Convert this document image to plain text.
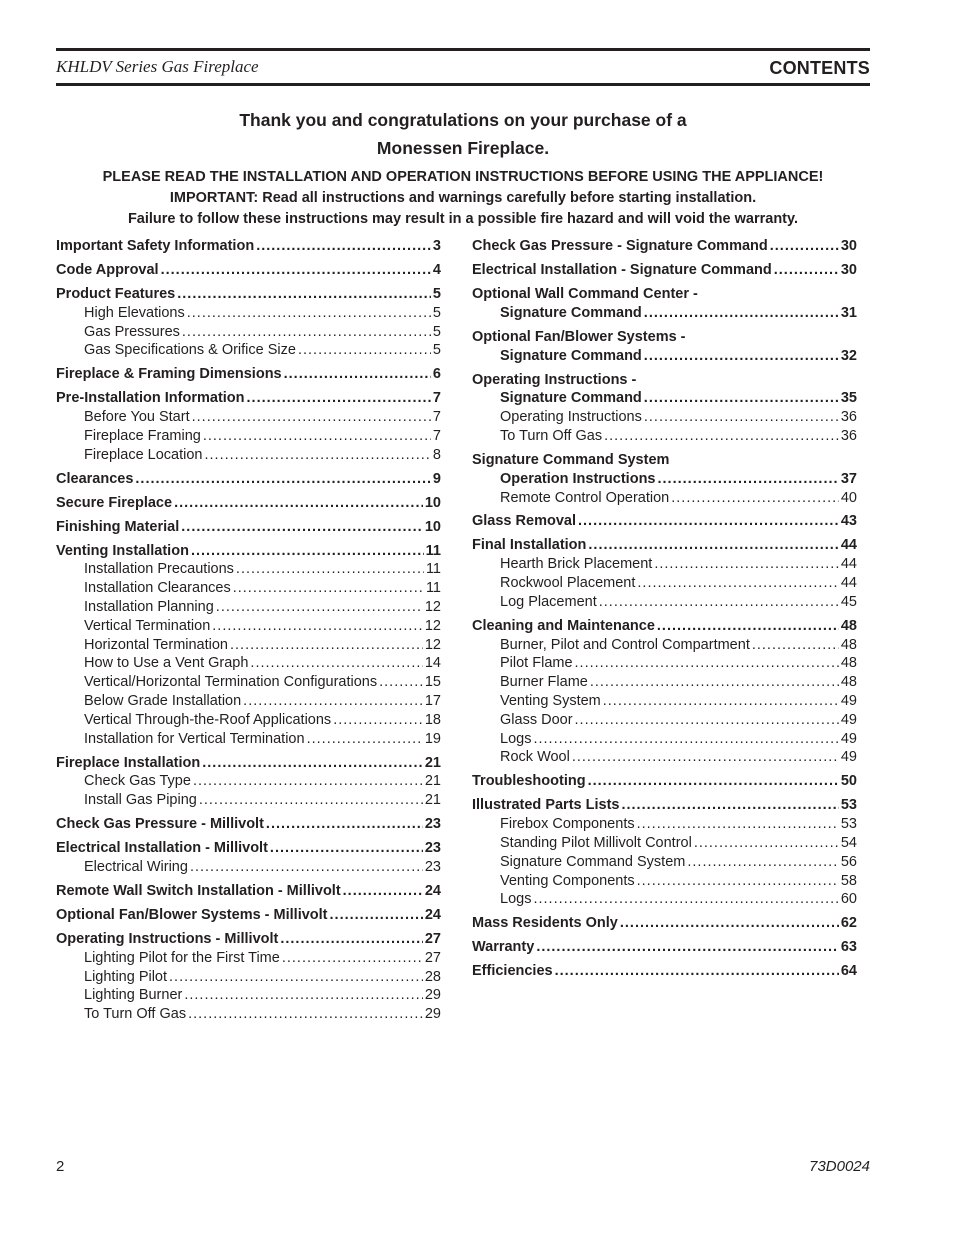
KHLDV Series Gas Fireplace	CONTENTS
Thank you and congratulations on your purchase of a
Monessen Fireplace.
PLEASE READ THE INSTALLATION AND OPERATION INSTRUCTIONS BEFORE USING THE APPLIANCE!
IMPORTANT: Read all instructions and warnings carefully before starting installation.
Failure to follow these instructions may result in a possible fire hazard and will void the warranty.
Important Safety Information .....	3
Code Approval .....	4
Product Features .....	5
High Elevations .....	5
Gas Pressures .....	5
Gas Specifications & Orifice Size .....	5
Fireplace & Framing Dimensions .....	6
Pre-Installation Information .....	7
Before You Start .....	7
Fireplace Framing .....	7
Fireplace Location .....	8
Clearances .....	9
Secure Fireplace .....	10
Finishing Material .....	10
Venting Installation .....	11
Installation Precautions .....	11
Installation Clearances .....	11
Installation Planning .....	12
Vertical Termination .....	12
Horizontal Termination .....	12
How to Use a Vent Graph .....	14
Vertical/Horizontal Termination Configurations .....	15
Below Grade Installation .....	17
Vertical Through-the-Roof Applications .....	18
Installation for Vertical Termination .....	19
Fireplace Installation .....	21
Check Gas Type .....	21
Install Gas Piping .....	21
Check Gas Pressure - Millivolt .....	23
Electrical Installation - Millivolt .....	23
Electrical Wiring .....	23
Remote Wall Switch Installation - Millivolt .....	24
Optional Fan/Blower Systems - Millivolt .....	24
Operating Instructions - Millivolt .....	27
Lighting Pilot for the First Time .....	27
Lighting Pilot .....	28
Lighting Burner .....	29
To Turn Off Gas .....	29
Check Gas Pressure - Signature Command .....	30
Electrical Installation - Signature Command .....	30
Optional Wall Command Center -
Signature Command .....	31
Optional Fan/Blower Systems -
Signature Command .....	32
Operating Instructions -
Signature Command .....	35
Operating Instructions .....	36
To Turn Off Gas .....	36
Signature Command System
Operation Instructions .....	37
Remote Control Operation .....	40
Glass Removal .....	43
Final Installation .....	44
Hearth Brick Placement .....	44
Rockwool Placement .....	44
Log Placement .....	45
Cleaning and Maintenance .....	48
Burner, Pilot and Control Compartment .....	48
Pilot Flame .....	48
Burner Flame .....	48
Venting System .....	49
Glass Door .....	49
Logs .....	49
Rock Wool .....	49
Troubleshooting .....	50
Illustrated Parts Lists .....	53
Firebox Components .....	53
Standing Pilot Millivolt Control .....	54
Signature Command System .....	56
Venting Components .....	58
Logs .....	60
Mass Residents Only .....	62
Warranty .....	63
Efficiencies .....	64
2	73D0024
